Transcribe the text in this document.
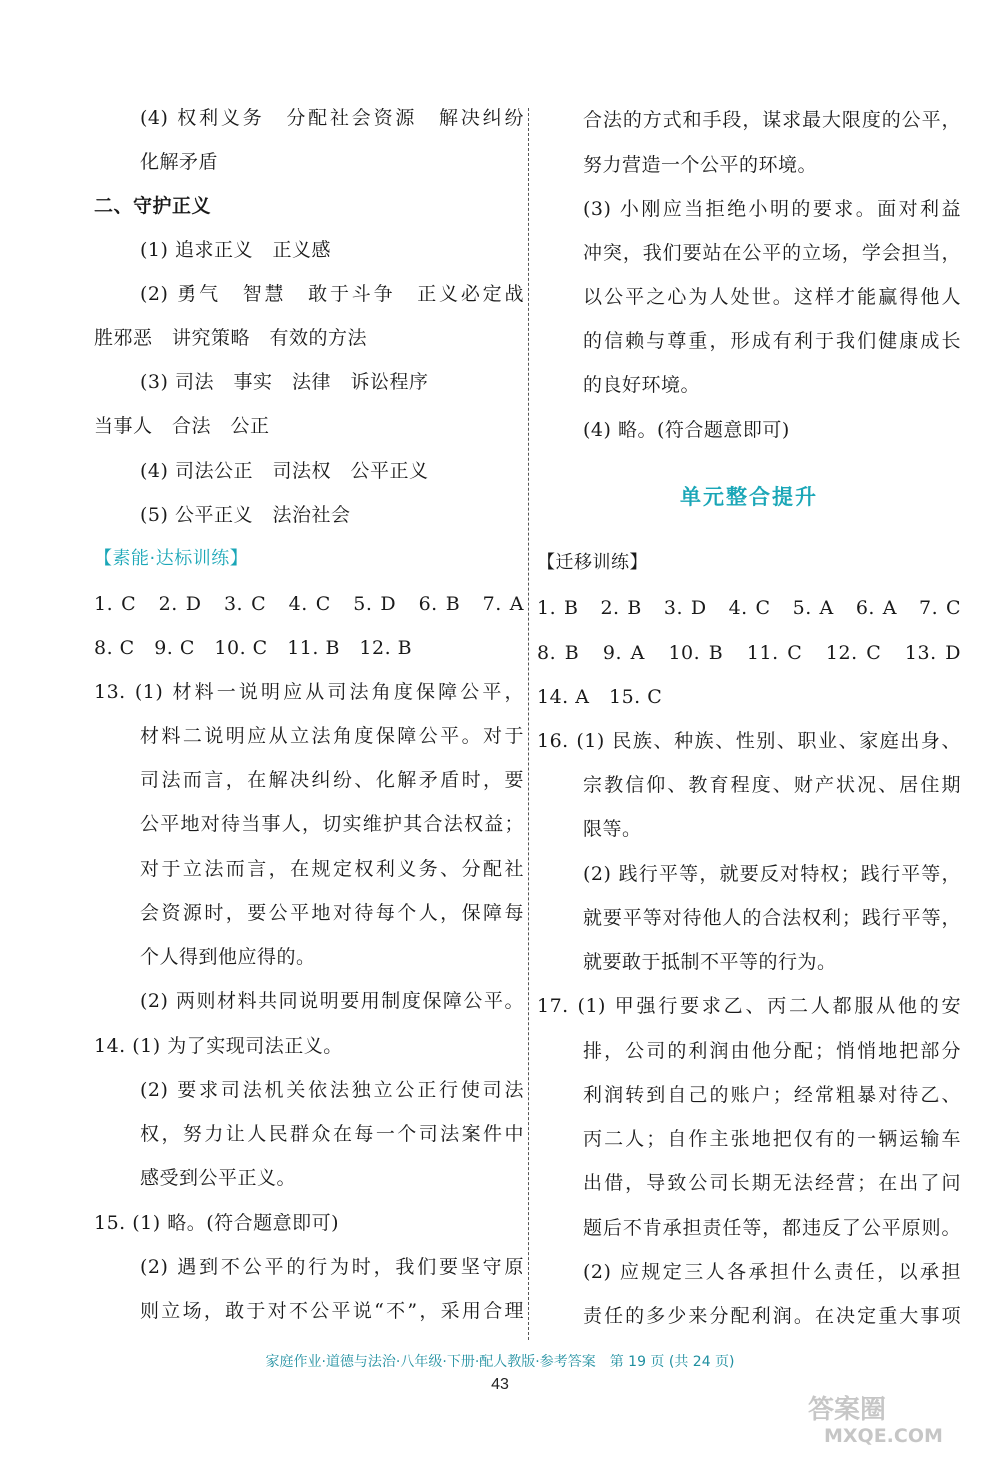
(4) 权利义务　分配社会资源　解决纠纷
化解矛盾
二、守护正义
(1) 追求正义　正义感
(2) 勇气　智慧　敢于斗争　正义必定战
胜邪恶　讲究策略　有效的方法
(3) 司法　事实　法律　诉讼程序
当事人　合法　公正
(4) 司法公正　司法权　公平正义
(5) 公平正义　法治社会
【素能·达标训练】
1. C　2. D　3. C　4. C　5. D　6. B　7. A
8. C　9. C　10. C　11. B　12. B
13. (1) 材料一说明应从司法角度保障公平，
材料二说明应从立法角度保障公平。对于
司法而言，在解决纠纷、化解矛盾时，要
公平地对待当事人，切实维护其合法权益；
对于立法而言，在规定权利义务、分配社
会资源时，要公平地对待每个人，保障每
个人得到他应得的。
(2) 两则材料共同说明要用制度保障公平。
14. (1) 为了实现司法正义。
(2) 要求司法机关依法独立公正行使司法
权，努力让人民群众在每一个司法案件中
感受到公平正义。
15. (1) 略。(符合题意即可)
(2) 遇到不公平的行为时，我们要坚守原
则立场，敢于对不公平说“不”，采用合理
合法的方式和手段，谋求最大限度的公平，
努力营造一个公平的环境。
(3) 小刚应当拒绝小明的要求。面对利益
冲突，我们要站在公平的立场，学会担当，
以公平之心为人处世。这样才能赢得他人
的信赖与尊重，形成有利于我们健康成长
的良好环境。
(4) 略。(符合题意即可)
单元整合提升
【迁移训练】
1. B　2. B　3. D　4. C　5. A　6. A　7. C
8. B　9. A　10. B　11. C　12. C　13. D
14. A　15. C
16. (1) 民族、种族、性别、职业、家庭出身、
宗教信仰、教育程度、财产状况、居住期
限等。
(2) 践行平等，就要反对特权；践行平等，
就要平等对待他人的合法权利；践行平等，
就要敢于抵制不平等的行为。
17. (1) 甲强行要求乙、丙二人都服从他的安
排，公司的利润由他分配；悄悄地把部分
利润转到自己的账户；经常粗暴对待乙、
丙二人；自作主张地把仅有的一辆运输车
出借，导致公司长期无法经营；在出了问
题后不肯承担责任等，都违反了公平原则。
(2) 应规定三人各承担什么责任，以承担
责任的多少来分配利润。在决定重大事项
家庭作业·道德与法治·八年级·下册·配人教版·参考答案　第 19 页 (共 24 页)
43
答案圈
MXQE.COM
